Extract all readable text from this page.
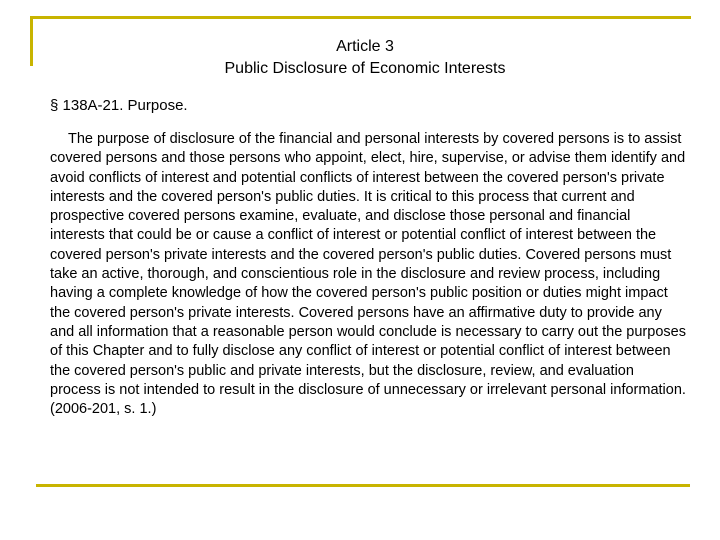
Article 3
Public Disclosure of Economic Interests
§ 138A‑21. Purpose.

The purpose of disclosure of the financial and personal interests by covered persons is to assist covered persons and those persons who appoint, elect, hire, supervise, or advise them identify and avoid conflicts of interest and potential conflicts of interest between the covered person's private interests and the covered person's public duties. It is critical to this process that current and prospective covered persons examine, evaluate, and disclose those personal and financial interests that could be or cause a conflict of interest or potential conflict of interest between the covered person's private interests and the covered person's public duties. Covered persons must take an active, thorough, and conscientious role in the disclosure and review process, including having a complete knowledge of how the covered person's public position or duties might impact the covered person's private interests. Covered persons have an affirmative duty to provide any and all information that a reasonable person would conclude is necessary to carry out the purposes of this Chapter and to fully disclose any conflict of interest or potential conflict of interest between the covered person's public and private interests, but the disclosure, review, and evaluation process is not intended to result in the disclosure of unnecessary or irrelevant personal information. (2006‑201, s. 1.)
